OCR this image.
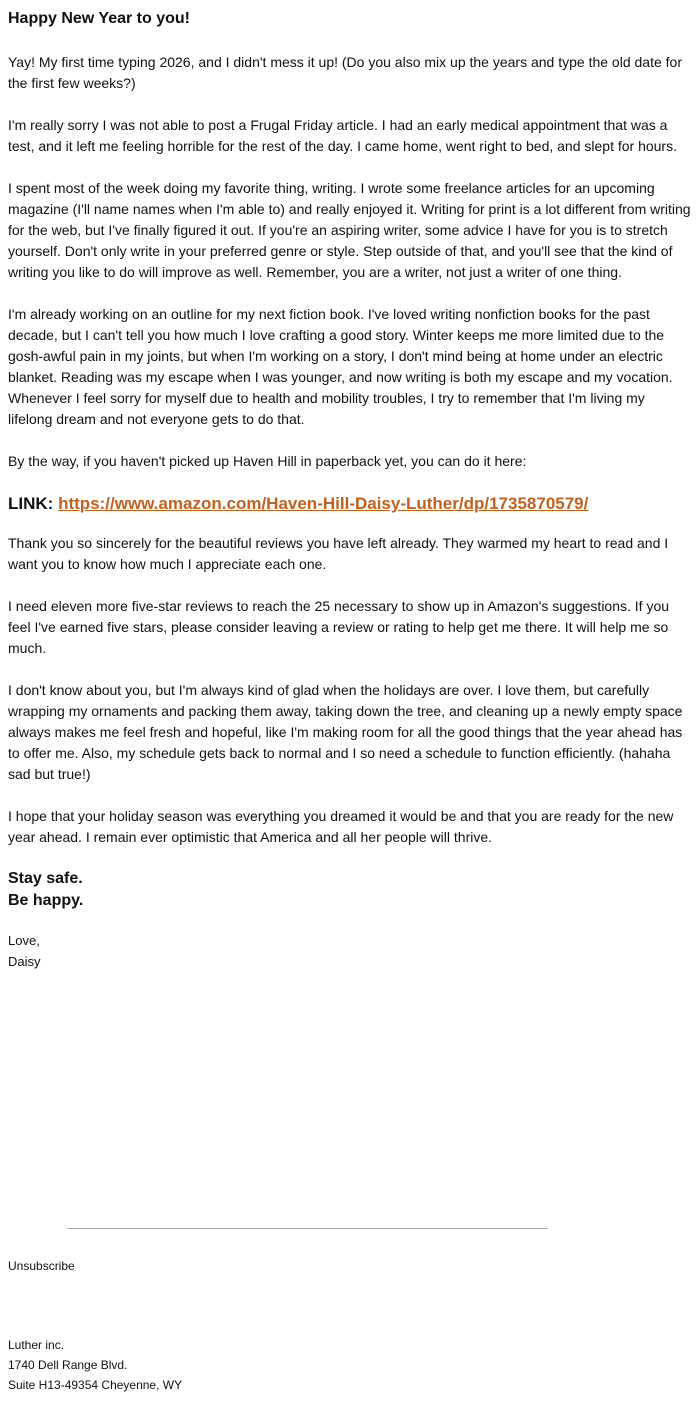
Happy New Year to you!

Yay! My first time typing 2026, and I didn't mess it up! (Do you also mix up the years and type the old date for the first few weeks?)

I'm really sorry I was not able to post a Frugal Friday article. I had an early medical appointment that was a test, and it left me feeling horrible for the rest of the day. I came home, went right to bed, and slept for hours.

I spent most of the week doing my favorite thing, writing. I wrote some freelance articles for an upcoming magazine (I'll name names when I'm able to) and really enjoyed it. Writing for print is a lot different from writing for the web, but I've finally figured it out. If you're an aspiring writer, some advice I have for you is to stretch yourself. Don't only write in your preferred genre or style. Step outside of that, and you'll see that the kind of writing you like to do will improve as well. Remember, you are a writer, not just a writer of one thing.

I'm already working on an outline for my next fiction book. I've loved writing nonfiction books for the past decade, but I can't tell you how much I love crafting a good story. Winter keeps me more limited due to the gosh-awful pain in my joints, but when I'm working on a story, I don't mind being at home under an electric blanket. Reading was my escape when I was younger, and now writing is both my escape and my vocation. Whenever I feel sorry for myself due to health and mobility troubles, I try to remember that I'm living my lifelong dream and not everyone gets to do that.

By the way, if you haven't picked up Haven Hill in paperback yet, you can do it here:

LINK: https://www.amazon.com/Haven-Hill-Daisy-Luther/dp/1735870579/

Thank you so sincerely for the beautiful reviews you have left already. They warmed my heart to read and I want you to know how much I appreciate each one.

I need eleven more five-star reviews to reach the 25 necessary to show up in Amazon's suggestions. If you feel I've earned five stars, please consider leaving a review or rating to help get me there. It will help me so much.

I don't know about you, but I'm always kind of glad when the holidays are over. I love them, but carefully wrapping my ornaments and packing them away, taking down the tree, and cleaning up a newly empty space always makes me feel fresh and hopeful, like I'm making room for all the good things that the year ahead has to offer me. Also, my schedule gets back to normal and I so need a schedule to function efficiently. (hahaha sad but true!)

I hope that your holiday season was everything you dreamed it would be and that you are ready for the new year ahead. I remain ever optimistic that America and all her people will thrive.

Stay safe.
Be happy.
Love,
Daisy
Unsubscribe
Luther inc.
1740 Dell Range Blvd.
Suite H13-49354 Cheyenne, WY
